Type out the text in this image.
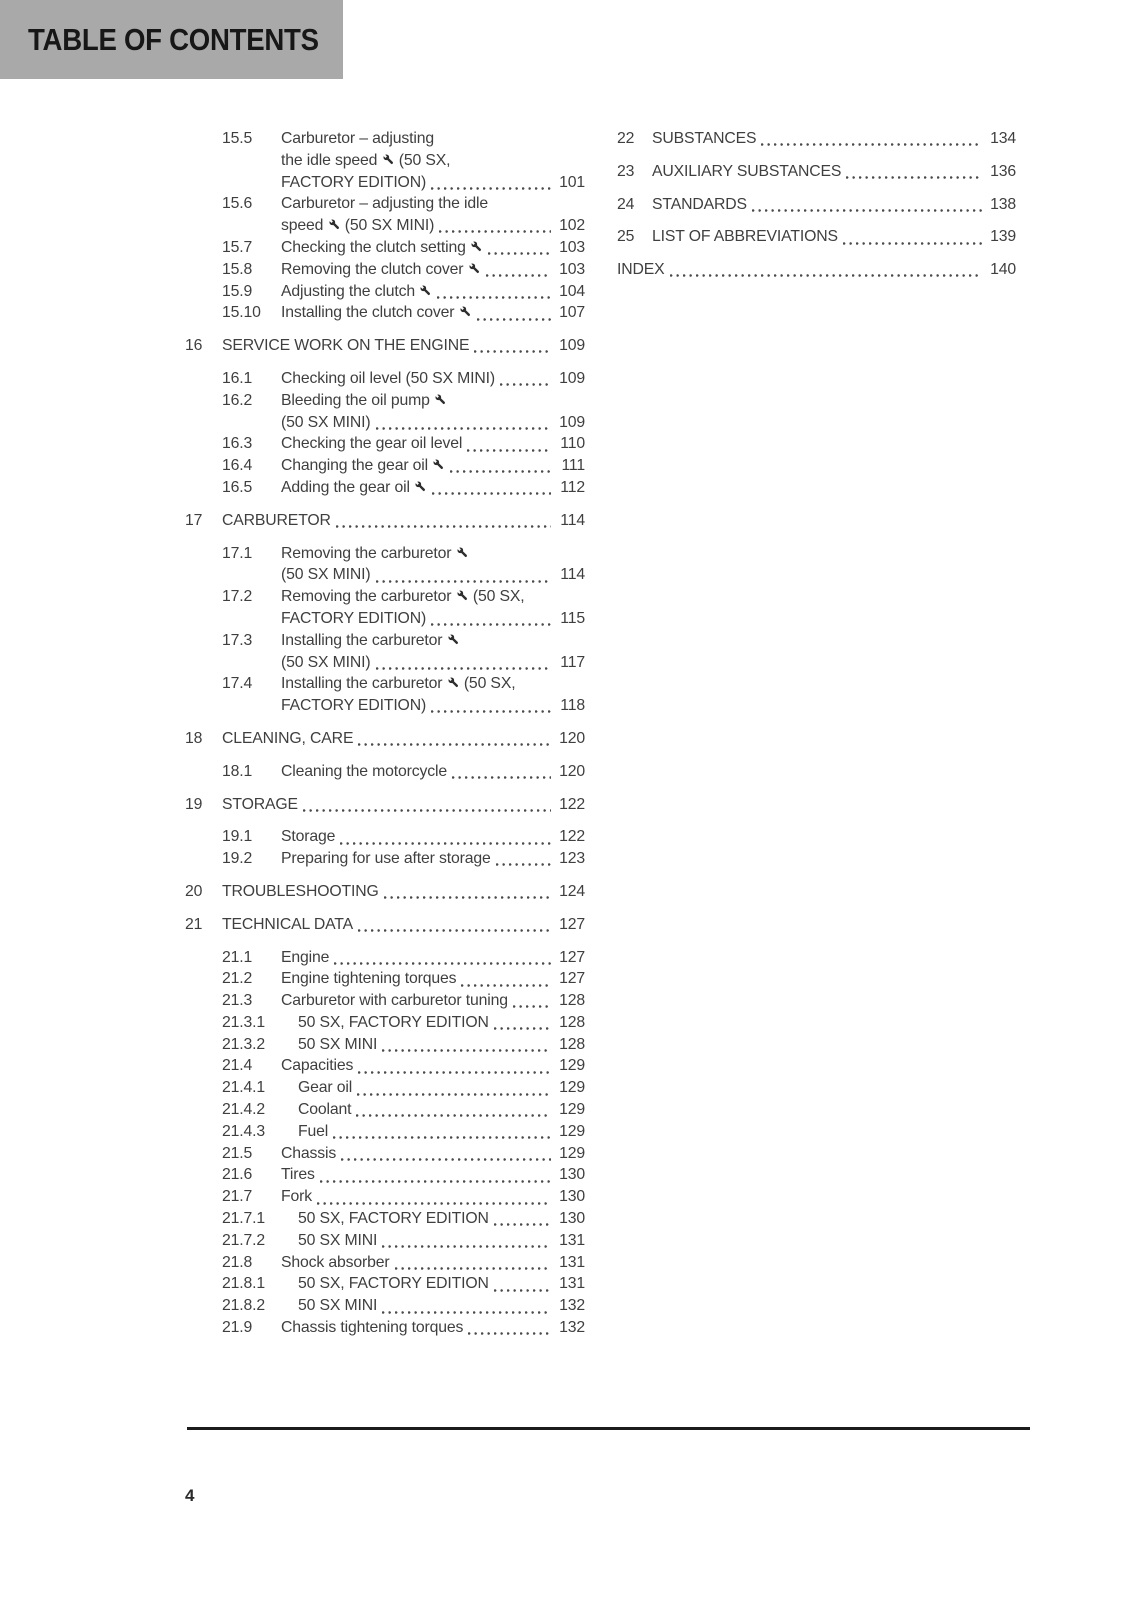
TABLE OF CONTENTS
15.5	Carburetor – adjusting
the idle speed  (50 SX,
FACTORY EDITION)	101
15.6	Carburetor – adjusting the idle
speed  (50 SX MINI)	102
15.7	Checking the clutch setting	103
15.8	Removing the clutch cover	103
15.9	Adjusting the clutch	104
15.10	Installing the clutch cover	107
16	SERVICE WORK ON THE ENGINE	109
16.1	Checking oil level (50 SX MINI)	109
16.2	Bleeding the oil pump
(50 SX MINI)	109
16.3	Checking the gear oil level	110
16.4	Changing the gear oil	111
16.5	Adding the gear oil	112
17	CARBURETOR	114
17.1	Removing the carburetor
(50 SX MINI)	114
17.2	Removing the carburetor  (50 SX,
FACTORY EDITION)	115
17.3	Installing the carburetor
(50 SX MINI)	117
17.4	Installing the carburetor  (50 SX,
FACTORY EDITION)	118
18	CLEANING, CARE	120
18.1	Cleaning the motorcycle	120
19	STORAGE	122
19.1	Storage	122
19.2	Preparing for use after storage	123
20	TROUBLESHOOTING	124
21	TECHNICAL DATA	127
21.1	Engine	127
21.2	Engine tightening torques	127
21.3	Carburetor with carburetor tuning	128
21.3.1	50 SX, FACTORY EDITION	128
21.3.2	50 SX MINI	128
21.4	Capacities	129
21.4.1	Gear oil	129
21.4.2	Coolant	129
21.4.3	Fuel	129
21.5	Chassis	129
21.6	Tires	130
21.7	Fork	130
21.7.1	50 SX, FACTORY EDITION	130
21.7.2	50 SX MINI	131
21.8	Shock absorber	131
21.8.1	50 SX, FACTORY EDITION	131
21.8.2	50 SX MINI	132
21.9	Chassis tightening torques	132
22	SUBSTANCES	134
23	AUXILIARY SUBSTANCES	136
24	STANDARDS	138
25	LIST OF ABBREVIATIONS	139
INDEX	140
4
